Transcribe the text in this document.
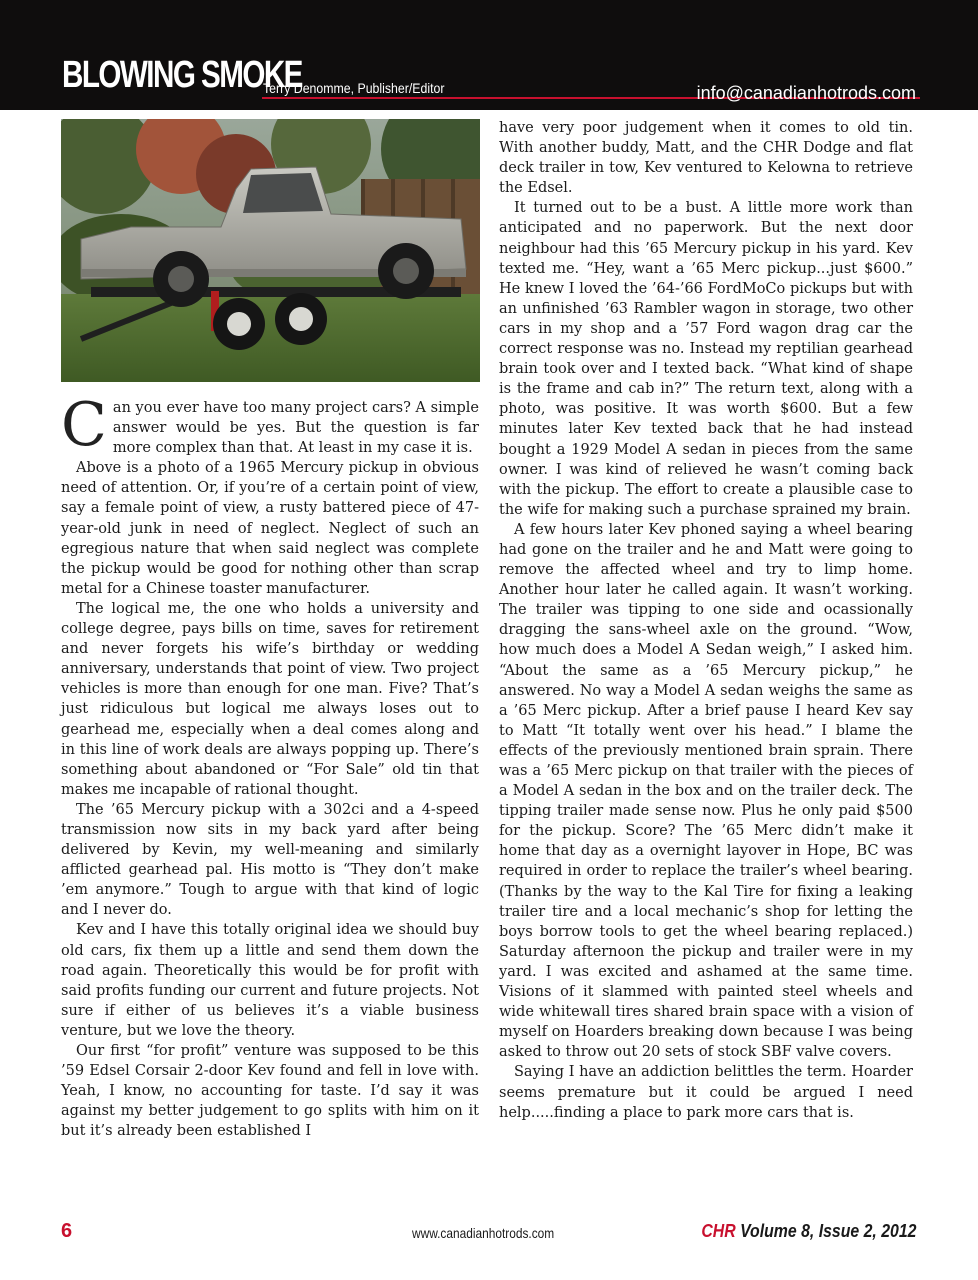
BLOWING SMOKE
Terry Denomme, Publisher/Editor	info@canadianhotrods.com

Can you ever have too many project cars? A simple answer would be yes. But the question is far more complex than that. At least in my case it is.

Above is a photo of a 1965 Mercury pickup in obvious need of attention. Or, if you’re of a certain point of view, say a female point of view, a rusty battered piece of 47-year-old junk in need of neglect. Neglect of such an egregious nature that when said neglect was complete the pickup would be good for nothing other than scrap metal for a Chinese toaster manufacturer.

The logical me, the one who holds a university and college degree, pays bills on time, saves for retirement and never forgets his wife’s birthday or wedding anniversary, understands that point of view. Two project vehicles is more than enough for one man. Five? That’s just ridiculous but logical me always loses out to gearhead me, especially when a deal comes along and in this line of work deals are always popping up. There’s something about abandoned or “For Sale” old tin that makes me incapable of rational thought.

The ’65 Mercury pickup with a 302ci and a 4-speed transmission now sits in my back yard after being delivered by Kevin, my well-meaning and similarly afflicted gearhead pal. His motto is “They don’t make ’em anymore.” Tough to argue with that kind of logic and I never do.

Kev and I have this totally original idea we should buy old cars, fix them up a little and send them down the road again. Theoretically this would be for profit with said profits funding our current and future projects. Not sure if either of us believes it’s a viable business venture, but we love the theory.

Our first “for profit” venture was supposed to be this ’59 Edsel Corsair 2-door Kev found and fell in love with. Yeah, I know, no accounting for taste. I’d say it was against my better judgement to go splits with him on it but it’s already been established I

have very poor judgement when it comes to old tin. With another buddy, Matt, and the CHR Dodge and flat deck trailer in tow, Kev ventured to Kelowna to retrieve the Edsel.

It turned out to be a bust. A little more work than anticipated and no paperwork. But the next door neighbour had this ’65 Mercury pickup in his yard. Kev texted me. “Hey, want a ’65 Merc pickup...just $600.” He knew I loved the ’64-’66 FordMoCo pickups but with an unfinished ’63 Rambler wagon in storage, two other cars in my shop and a ’57 Ford wagon drag car the correct response was no. Instead my reptilian gearhead brain took over and I texted back. “What kind of shape is the frame and cab in?” The return text, along with a photo, was positive. It was worth $600. But a few minutes later Kev texted back that he had instead bought a 1929 Model A sedan in pieces from the same owner. I was kind of relieved he wasn’t coming back with the pickup. The effort to create a plausible case to the wife for making such a purchase sprained my brain.

A few hours later Kev phoned saying a wheel bearing had gone on the trailer and he and Matt were going to remove the affected wheel and try to limp home. Another hour later he called again. It wasn’t working. The trailer was tipping to one side and ocassionally dragging the sans-wheel axle on the ground. “Wow, how much does a Model A Sedan weigh,” I asked him. “About the same as a ’65 Mercury pickup,” he answered. No way a Model A sedan weighs the same as a ’65 Merc pickup. After a brief pause I heard Kev say to Matt “It totally went over his head.” I blame the effects of the previously mentioned brain sprain. There was a ’65 Merc pickup on that trailer with the pieces of a Model A sedan in the box and on the trailer deck. The tipping trailer made sense now. Plus he only paid $500 for the pickup. Score? The ’65 Merc didn’t make it home that day as a overnight layover in Hope, BC was required in order to replace the trailer’s wheel bearing. (Thanks by the way to the Kal Tire for fixing a leaking trailer tire and a local mechanic’s shop for letting the boys borrow tools to get the wheel bearing replaced.) Saturday afternoon the pickup and trailer were in my yard. I was excited and ashamed at the same time. Visions of it slammed with painted steel wheels and wide whitewall tires shared brain space with a vision of myself on Hoarders breaking down because I was being asked to throw out 20 sets of stock SBF valve covers.

Saying I have an addiction belittles the term. Hoarder seems premature but it could be argued I need help.....finding a place to park more cars that is.

6	www.canadianhotrods.com	CHR Volume 8, Issue 2, 2012
